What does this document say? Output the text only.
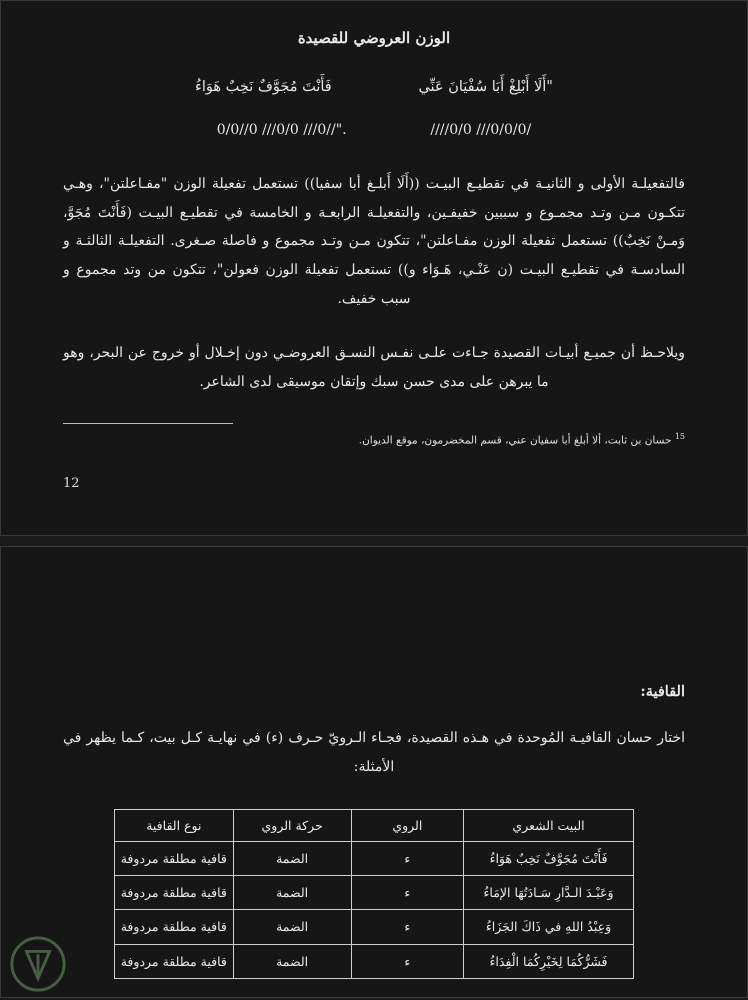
الوزن العروضي للقصيدة
"أَلَا أَبْلِغْ أَبَا سُفْيَانَ عَنِّي			فَأَنْتَ مُجَوَّفٌ نَخِبٌ هَوَاءُ
0/0//0 ///0/0 ///0//".				////0/0 ///0/0/0/

فالتفعيلـة الأولى و الثانيـة في تقطيـع البيـت ((أَلَا أَبلـغ أبا سفيا)) تستعمل تفعيلة الوزن "مفـاعلتن"، وهـي تتكـون مـن وتـد مجمـوع و سببين خفيفـين، والتفعيلـة الرابعـة و الخامسة في تقطيـع البيـت (فَأَنْتَ مُجَوَّ، وَمـنْ نَخِبٌ)) تستعمل تفعيلة الوزن مفـاعلتن"، تتكون مـن وتـد مجموع و فاصلة صـغرى. التفعيلـة الثالثـة و السادسـة في تقطيـع البيـت (ن عَنْـي، هَـوَاء و)) تستعمل تفعيلة الوزن فعولن"، تتكون من وتد مجموع و سبب خفيف.

ويلاحـظ أن جميـع أبيـات القصيدة جـاءت علـى نفـس النسـق العروضـي دون إخـلال أو خروج عن البحر، وهو ما يبرهن على مدى حسن سبك وإتقان موسيقى لدى الشاعر.

$^{15}$ حسان بن ثابت، ألا أبلغ أبا سفيان عني، قسم المخضرمون، موقع الديوان.
12
القافية:

اختار حسان القافيـة المُوحدة في هـذه القصيدة، فجـاء الـرويّ حـرف (ء) في نهايـة كـل بيت، كـما يظهر في الأمثلة:

البيت الشعري	الروي	حركة الروي	نوع القافية
فَأَنْتَ مُجَوَّفٌ نَخِبٌ هَوَاءُ	ء	الضمة	قافية مطلقة مردوفة
وَعَبْـدَ الـدَّارِ سَـادَتُهَا الإمَاءُ	ء	الضمة	قافية مطلقة مردوفة
وَعِبْدُ اللهِ في ذَاكَ الجَزَاءُ	ء	الضمة	قافية مطلقة مردوفة
فَشَرُّكُمَا لِخَيْرِكُمَا الْفِدَاءُ	ء	الضمة	قافية مطلقة مردوفة
